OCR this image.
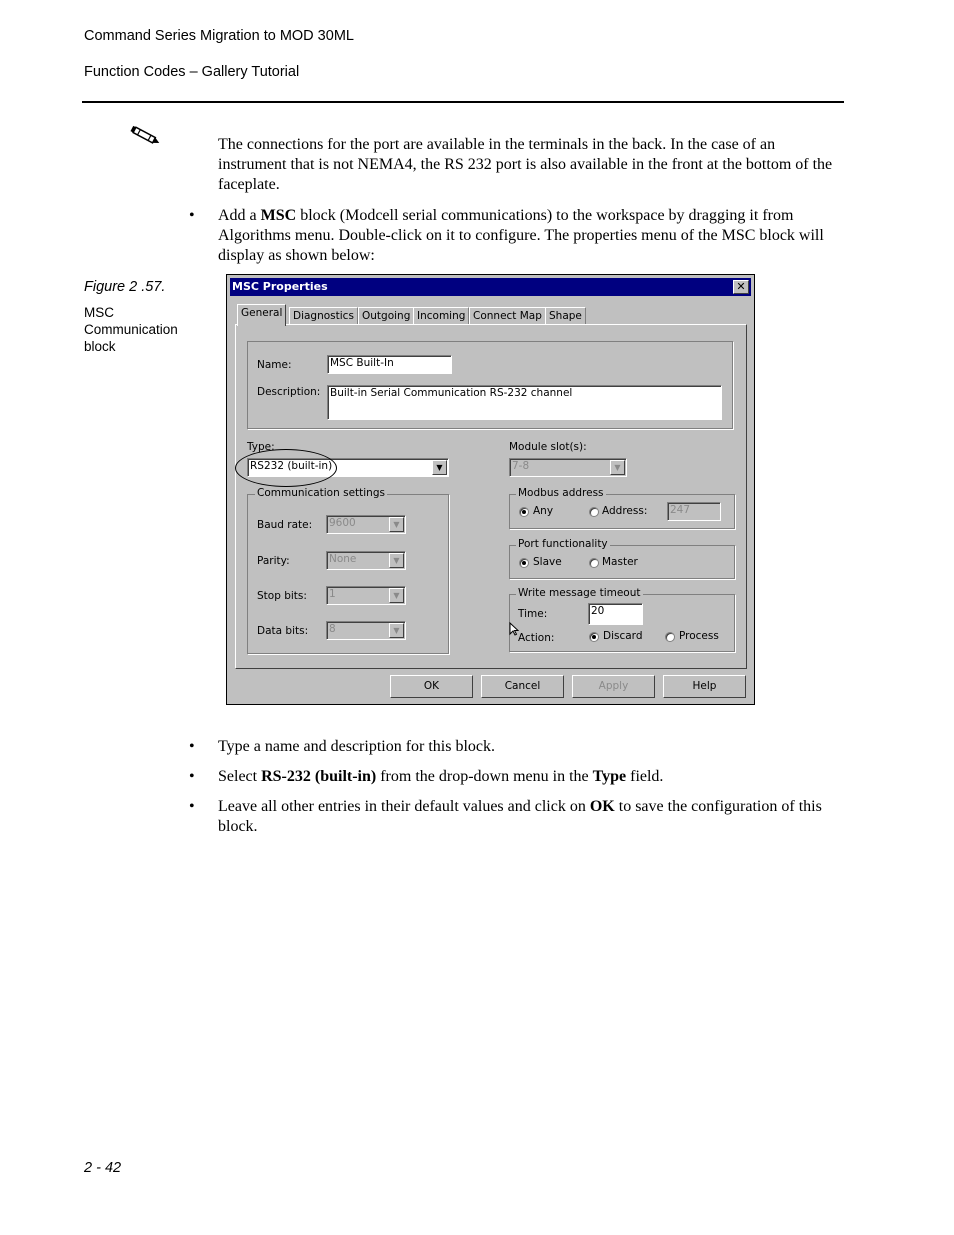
Command Series Migration to MOD 30ML
Function Codes – Gallery Tutorial
The connections for the port are available in the terminals in the back. In the case of an instrument that is not NEMA4, the RS 232 port is also available in the front at the bottom of the faceplate.
• Add a MSC block (Modcell serial communications) to the workspace by dragging it from Algorithms menu. Double-click on it to configure. The properties menu of the MSC block will display as shown below:
Figure 2 .57.
MSC
Communication
block
MSC Properties	✕
General	Diagnostics Outgoing Incoming Connect Map Shape
Name:	MSC Built-In
Description: Built-in Serial Communication RS-232 channel
Type:
RS232 (built-in)	▼
Module slot(s):
7-8	▼
Communication settings
Baud rate: 9600	▼
Parity:	None	▼
Stop bits: 1	▼
Data bits: 8	▼
Modbus address
Any	Address: 247
Port functionality
Slave	Master
Write message timeout
Time:	20
Action:	Discard	Process
OK	Cancel	Apply	Help
• Type a name and description for this block.
• Select RS-232 (built-in) from the drop-down menu in the Type field.
• Leave all other entries in their default values and click on OK to save the configuration of this block.
2 - 42
